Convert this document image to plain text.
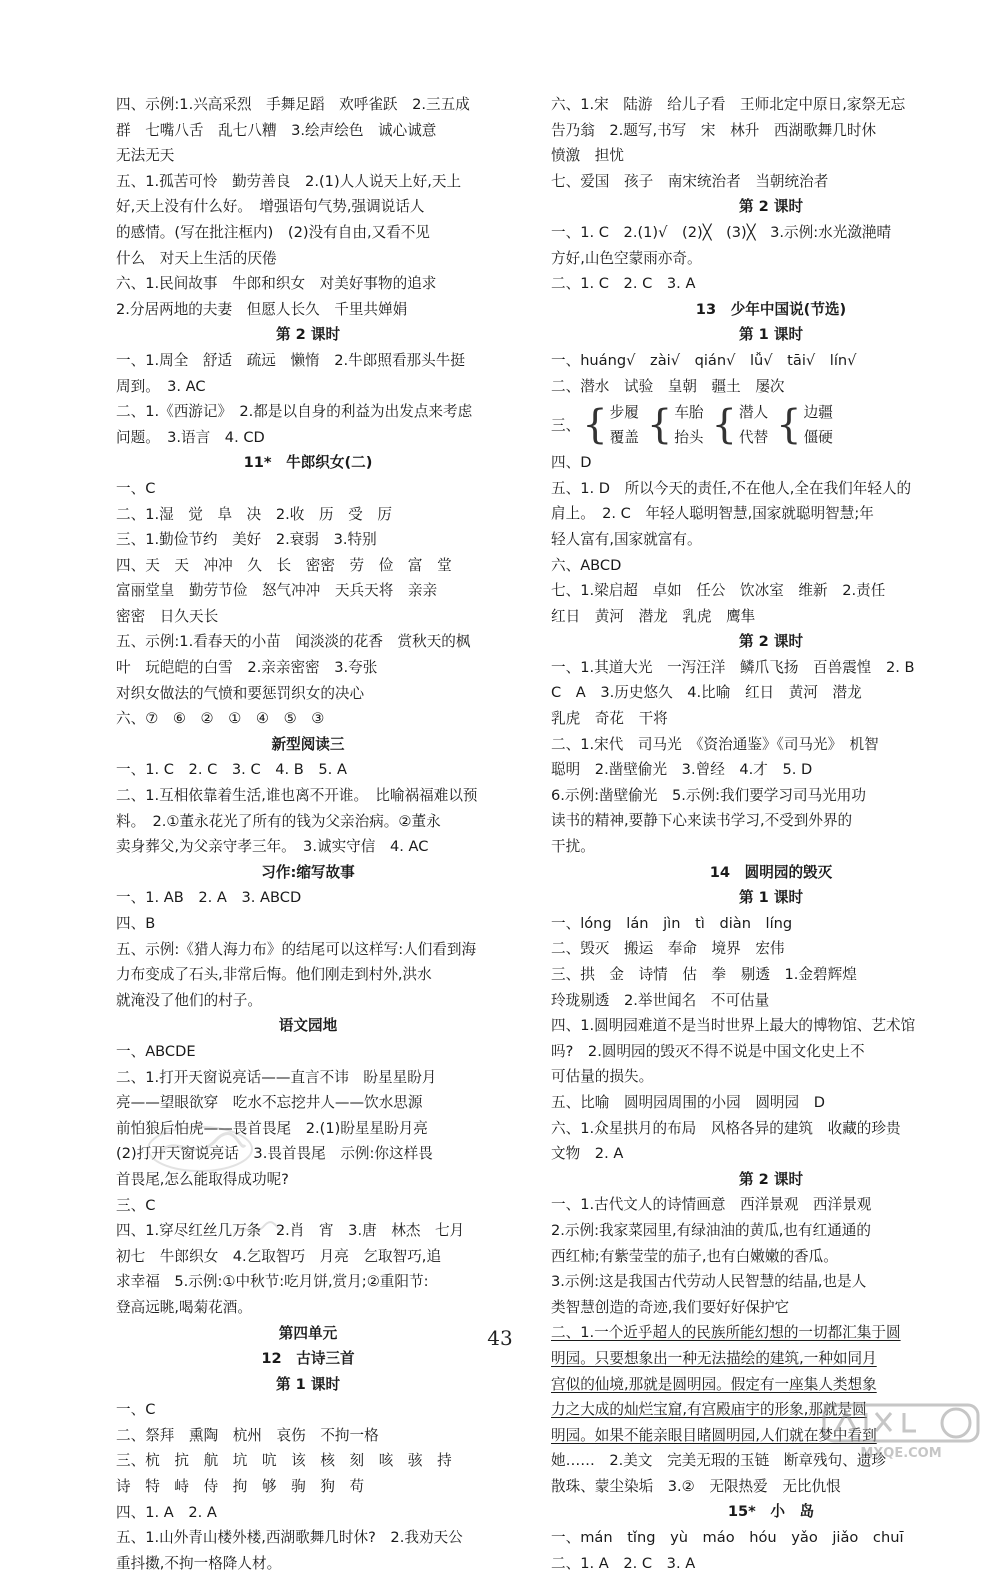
四、示例:1.兴高采烈　手舞足蹈　欢呼雀跃　2.三五成
群　七嘴八舌　乱七八糟　3.绘声绘色　诚心诚意
无法无天
五、1.孤苦可怜　勤劳善良　2.(1)人人说天上好,天上
好,天上没有什么好。　增强语句气势,强调说话人
的感情。(写在批注框内)　(2)没有自由,又看不见
什么　对天上生活的厌倦
六、1.民间故事　牛郎和织女　对美好事物的追求
2.分居两地的夫妻　但愿人长久　千里共婵娟
第 2 课时
一、1.周全　舒适　疏远　懒惰　2.牛郎照看那头牛挺
周到。　3. AC
二、1.《西游记》　2.都是以自身的利益为出发点来考虑
问题。　3.语言　4. CD
11*　牛郎织女(二)
一、C
二、1.湿　觉　阜　决　2.收　历　受　厉
三、1.勤俭节约　美好　2.衰弱　3.特别
四、天　天　冲冲　久　长　密密　劳　俭　富　堂
富丽堂皇　勤劳节俭　怒气冲冲　天兵天将　亲亲
密密　日久天长
五、示例:1.看春天的小苗　闻淡淡的花香　赏秋天的枫
叶　玩皑皑的白雪　2.亲亲密密　3.夸张
对织女做法的气愤和要惩罚织女的决心
六、⑦　⑥　②　①　④　⑤　③
新型阅读三
一、1. C　2. C　3. C　4. B　5. A
二、1.互相依靠着生活,谁也离不开谁。　比喻祸福难以预
料。　2.①董永花光了所有的钱为父亲治病。②董永
卖身葬父,为父亲守孝三年。　3.诚实守信　4. AC
习作:缩写故事
一、1. AB　2. A　3. ABCD
四、B
五、示例:《猎人海力布》的结尾可以这样写:人们看到海
力布变成了石头,非常后悔。他们刚走到村外,洪水
就淹没了他们的村子。
语文园地
一、ABCDE
二、1.打开天窗说亮话——直言不讳　盼星星盼月
亮——望眼欲穿　吃水不忘挖井人——饮水思源
前怕狼后怕虎——畏首畏尾　2.(1)盼星星盼月亮
(2)打开天窗说亮话　3.畏首畏尾　示例:你这样畏
首畏尾,怎么能取得成功呢?
三、C
四、1.穿尽红丝几万条　2.肖　宵　3.唐　林杰　七月
初七　牛郎织女　4.乞取智巧　月亮　乞取智巧,追
求幸福　5.示例:①中秋节:吃月饼,赏月;②重阳节:
登高远眺,喝菊花酒。
第四单元
12　古诗三首
第 1 课时
一、C
二、祭拜　熏陶　杭州　哀伤　不拘一格
三、杭　抗　航　坑　吭　该　核　刻　咳　骇　持
诗　特　峙　侍　拘　够　驹　狗　苟
四、1. A　2. A
五、1.山外青山楼外楼,西湖歌舞几时休?　2.我劝天公
重抖擞,不拘一格降人材。
六、1.宋　陆游　给儿子看　王师北定中原日,家祭无忘
告乃翁　2.题写,书写　宋　林升　西湖歌舞几时休
愤激　担忧
七、爱国　孩子　南宋统治者　当朝统治者
第 2 课时
一、1. C　2.(1)√　(2)╳　(3)╳　3.示例:水光潋滟晴
方好,山色空蒙雨亦奇。
二、1. C　2. C　3. A
13　少年中国说(节选)
第 1 课时
一、huáng√　zài√　qián√　lǚ√　tāi√　lín√
二、潜水　试验　皇朝　疆土　屡次
三、 { 步履
覆盖 { 车胎
抬头 { 潜人
代替 { 边疆
僵硬
四、D
五、1. D　所以今天的责任,不在他人,全在我们年轻人的
肩上。　2. C　年轻人聪明智慧,国家就聪明智慧;年
轻人富有,国家就富有。
六、ABCD
七、1.梁启超　卓如　任公　饮冰室　维新　2.责任
红日　黄河　潜龙　乳虎　鹰隼
第 2 课时
一、1.其道大光　一泻汪洋　鳞爪飞扬　百兽震惶　2. B
C　A　3.历史悠久　4.比喻　红日　黄河　潜龙
乳虎　奇花　干将
二、1.宋代　司马光　《资治通鉴》《司马光》　机智
聪明　2.凿壁偷光　3.曾经　4.才　5. D
6.示例:凿壁偷光　5.示例:我们要学习司马光用功
读书的精神,要静下心来读书学习,不受到外界的
干扰。
14　圆明园的毁灭
第 1 课时
一、lóng　lán　jìn　tì　diàn　líng
二、毁灭　搬运　奉命　境界　宏伟
三、拱　金　诗情　估　拳　剔透　1.金碧辉煌
玲珑剔透　2.举世闻名　不可估量
四、1.圆明园难道不是当时世界上最大的博物馆、艺术馆
吗?　2.圆明园的毁灭不得不说是中国文化史上不
可估量的损失。
五、比喻　圆明园周围的小园　圆明园　D
六、1.众星拱月的布局　风格各异的建筑　收藏的珍贵
文物　2. A
第 2 课时
一、1.古代文人的诗情画意　西洋景观　西洋景观
2.示例:我家菜园里,有绿油油的黄瓜,也有红通通的
西红柿;有紫莹莹的茄子,也有白嫩嫩的香瓜。
3.示例:这是我国古代劳动人民智慧的结晶,也是人
类智慧创造的奇迹,我们要好好保护它
二、1.一个近乎超人的民族所能幻想的一切都汇集于圆
明园。只要想象出一种无法描绘的建筑,一种如同月
宫似的仙境,那就是圆明园。假定有一座集人类想象
力之大成的灿烂宝窟,有宫殿庙宇的形象,那就是圆
明园。如果不能亲眼目睹圆明园,人们就在梦中看到
她……　2.美文　完美无瑕的玉链　断章残句、遗珍
散珠、蒙尘染垢　3.②　无限热爱　无比仇恨
15*　小　岛
一、mán　tǐng　yù　máo　hóu　yǎo　jiǎo　chuī
二、1. A　2. C　3. A
43
MXQE.COM
